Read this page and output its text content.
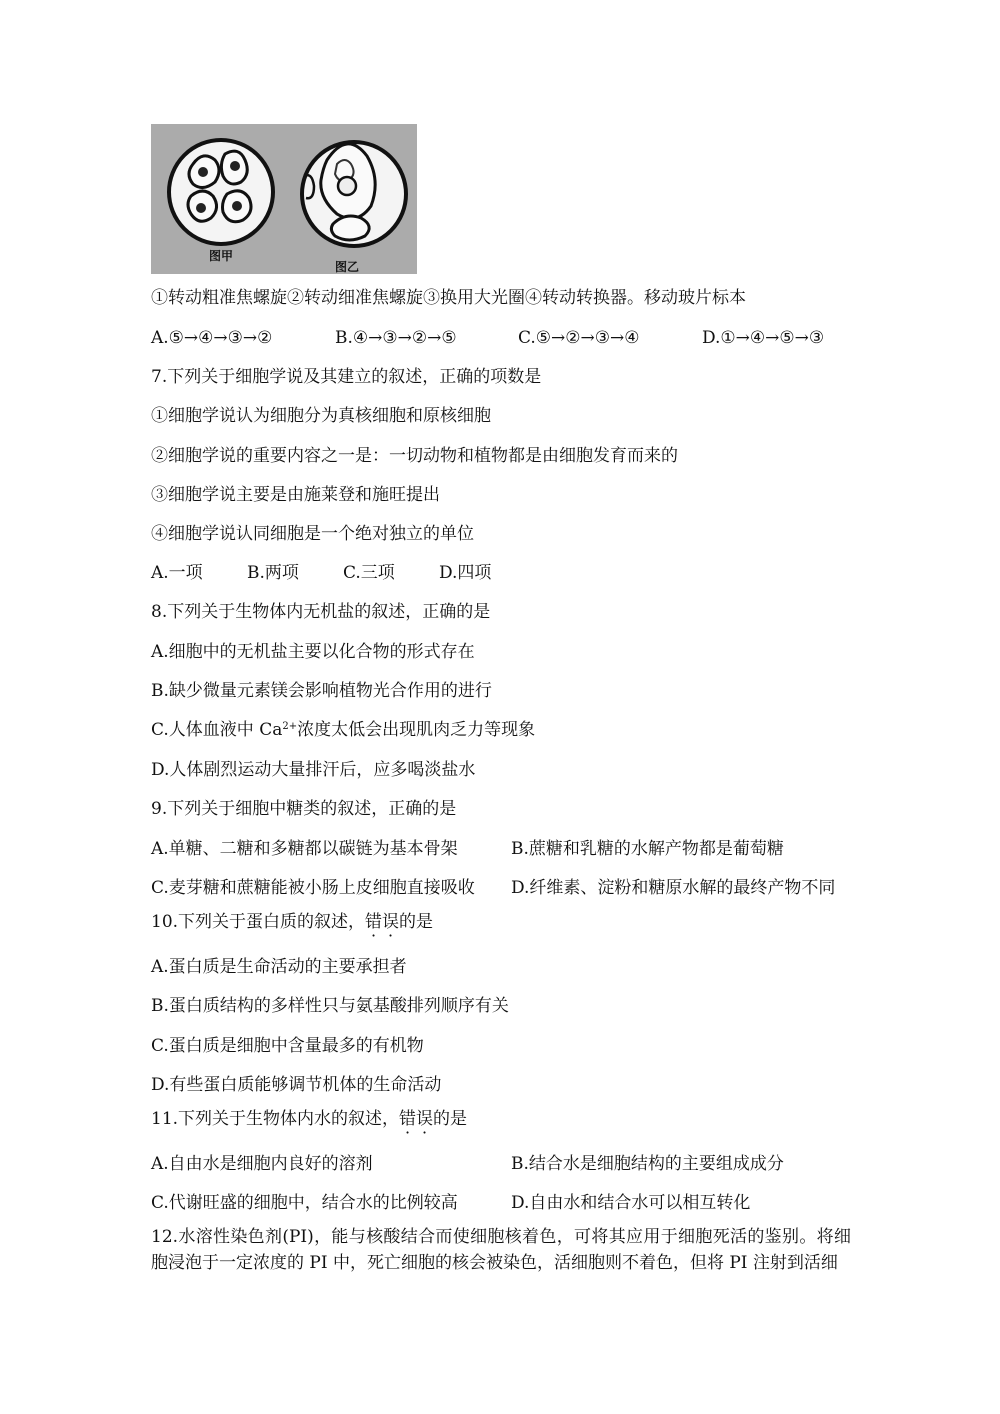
图甲
图乙
①转动粗准焦螺旋②转动细准焦螺旋③换用大光圈④转动转换器。移动玻片标本
A.⑤→④→③→②	B.④→③→②→⑤	C.⑤→②→③→④	D.①→④→⑤→③
7.下列关于细胞学说及其建立的叙述，正确的项数是
①细胞学说认为细胞分为真核细胞和原核细胞
②细胞学说的重要内容之一是：一切动物和植物都是由细胞发育而来的
③细胞学说主要是由施莱登和施旺提出
④细胞学说认同细胞是一个绝对独立的单位
A.一项	B.两项	C.三项	D.四项
8.下列关于生物体内无机盐的叙述，正确的是
A.细胞中的无机盐主要以化合物的形式存在
B.缺少微量元素镁会影响植物光合作用的进行
C.人体血液中 $Ca^{2+}$浓度太低会出现肌肉乏力等现象
D.人体剧烈运动大量排汗后，应多喝淡盐水
9.下列关于细胞中糖类的叙述，正确的是
A.单糖、二糖和多糖都以碳链为基本骨架	B.蔗糖和乳糖的水解产物都是葡萄糖
C.麦芽糖和蔗糖能被小肠上皮细胞直接吸收 D.纤维素、淀粉和糖原水解的最终产物不同
10.下列关于蛋白质的叙述，错误的是
A.蛋白质是生命活动的主要承担者
B.蛋白质结构的多样性只与氨基酸排列顺序有关
C.蛋白质是细胞中含量最多的有机物
D.有些蛋白质能够调节机体的生命活动
11.下列关于生物体内水的叙述，错误的是
A.自由水是细胞内良好的溶剂	B.结合水是细胞结构的主要组成成分
C.代谢旺盛的细胞中，结合水的比例较高	D.自由水和结合水可以相互转化
12.水溶性染色剂(PI)，能与核酸结合而使细胞核着色，可将其应用于细胞死活的鉴别。将细胞浸泡于一定浓度的 PI 中，死亡细胞的核会被染色，活细胞则不着色，但将 PI 注射到活细
